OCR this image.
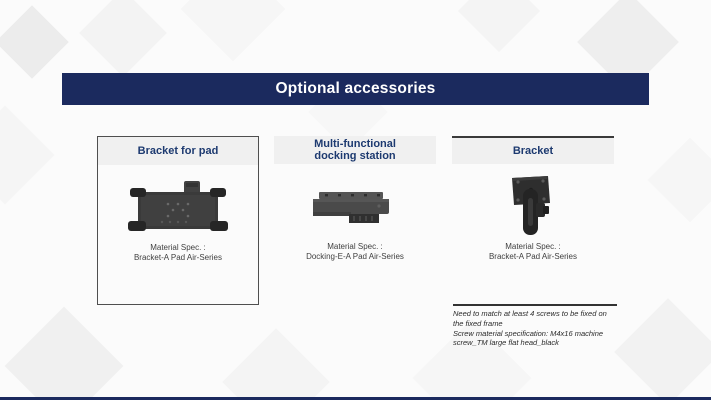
Optional accessories
Bracket for pad
Material Spec. :
Bracket-A Pad Air-Series
Multi-functional
docking station
Material Spec. :
Docking-E-A Pad Air-Series
Bracket
Material Spec. :
Bracket-A Pad Air-Series
Need to match at least 4 screws to be fixed on
the fixed frame
Screw material specification: M4x16 machine
screw_TM large flat head_black
